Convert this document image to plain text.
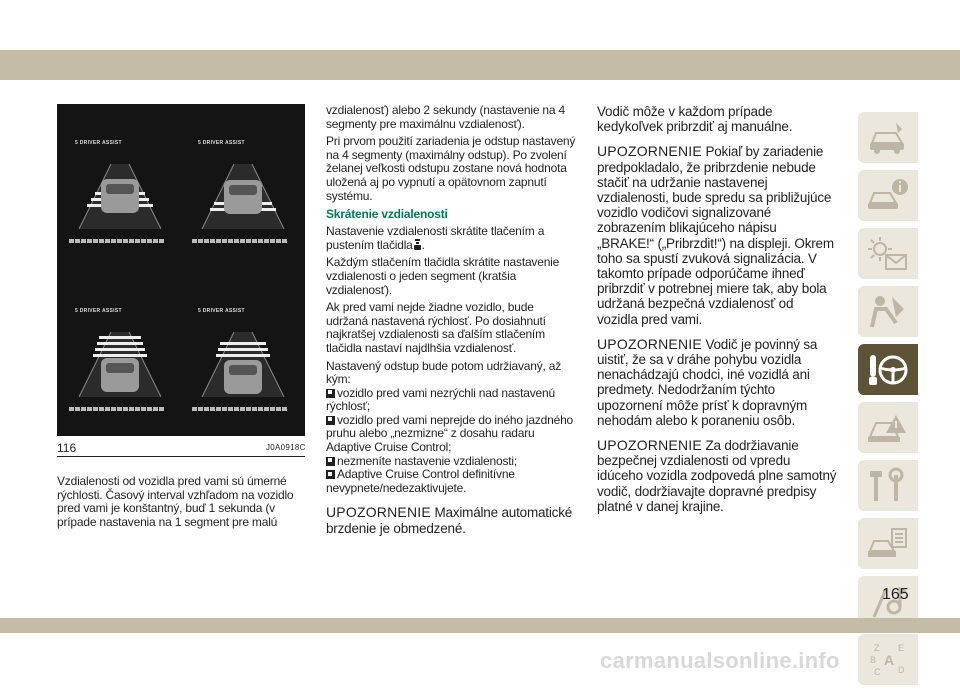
5 DRIVER ASSIST	5 DRIVER ASSIST
5 DRIVER ASSIST	5 DRIVER ASSIST
116	J0A0918C

Vzdialenosti od vozidla pred vami sú úmerné rýchlosti. Časový interval vzhľadom na vozidlo pred vami je konštantný, buď 1 sekunda (v prípade nastavenia na 1 segment pre malú

vzdialenosť) alebo 2 sekundy (nastavenie na 4 segmenty pre maximálnu vzdialenosť).

Pri prvom použití zariadenia je odstup nastavený na 4 segmenty (maximálny odstup). Po zvolení želanej veľkosti odstupu zostane nová hodnota uložená aj po vypnutí a opätovnom zapnutí systému.

Skrátenie vzdialenosti

Nastavenie vzdialenosti skrátite tlačením a pustením tlačidla .

Každým stlačením tlačidla skrátite nastavenie vzdialenosti o jeden segment (kratšia vzdialenosť).

Ak pred vami nejde žiadne vozidlo, bude udržaná nastavená rýchlosť. Po dosiahnutí najkratšej vzdialenosti sa ďalším stlačením tlačidla nastaví najdlhšia vzdialenosť.

Nastavený odstup bude potom udržiavaný, až kým:

vozidlo pred vami nezrýchli nad nastavenú rýchlosť;
vozidlo pred vami neprejde do iného jazdného pruhu alebo „nezmizne“ z dosahu radaru Adaptive Cruise Control;
nezmeníte nastavenie vzdialenosti;
Adaptive Cruise Control definitívne nevypnete/nedezaktivujete.

UPOZORNENIE Maximálne automatické brzdenie je obmedzené.

Vodič môže v každom prípade kedykoľvek pribrzdiť aj manuálne.

UPOZORNENIE Pokiaľ by zariadenie predpokladalo, že pribrzdenie nebude stačiť na udržanie nastavenej vzdialenosti, bude spredu sa približujúce vozidlo vodičovi signalizované zobrazením blikajúceho nápisu „BRAKE!“ („Pribrzdit!“) na displeji. Okrem toho sa spustí zvuková signalizácia. V takomto prípade odporúčame ihneď pribrzdiť v potrebnej miere tak, aby bola udržaná bezpečná vzdialenosť od vozidla pred vami.

UPOZORNENIE Vodič je povinný sa uistiť, že sa v dráhe pohybu vozidla nenachádzajú chodci, iné vozidlá ani predmety. Nedodržaním týchto upozornení môže prísť k dopravným nehodám alebo k poraneniu osôb.

UPOZORNENIE Za dodržiavanie bezpečnej vzdialenosti od vpredu idúceho vozidla zodpovedá plne samotný vodič, dodržiavajte dopravné predpisy platné v danej krajine.

Z E
B A
C D
165
carmanualsonline.info
